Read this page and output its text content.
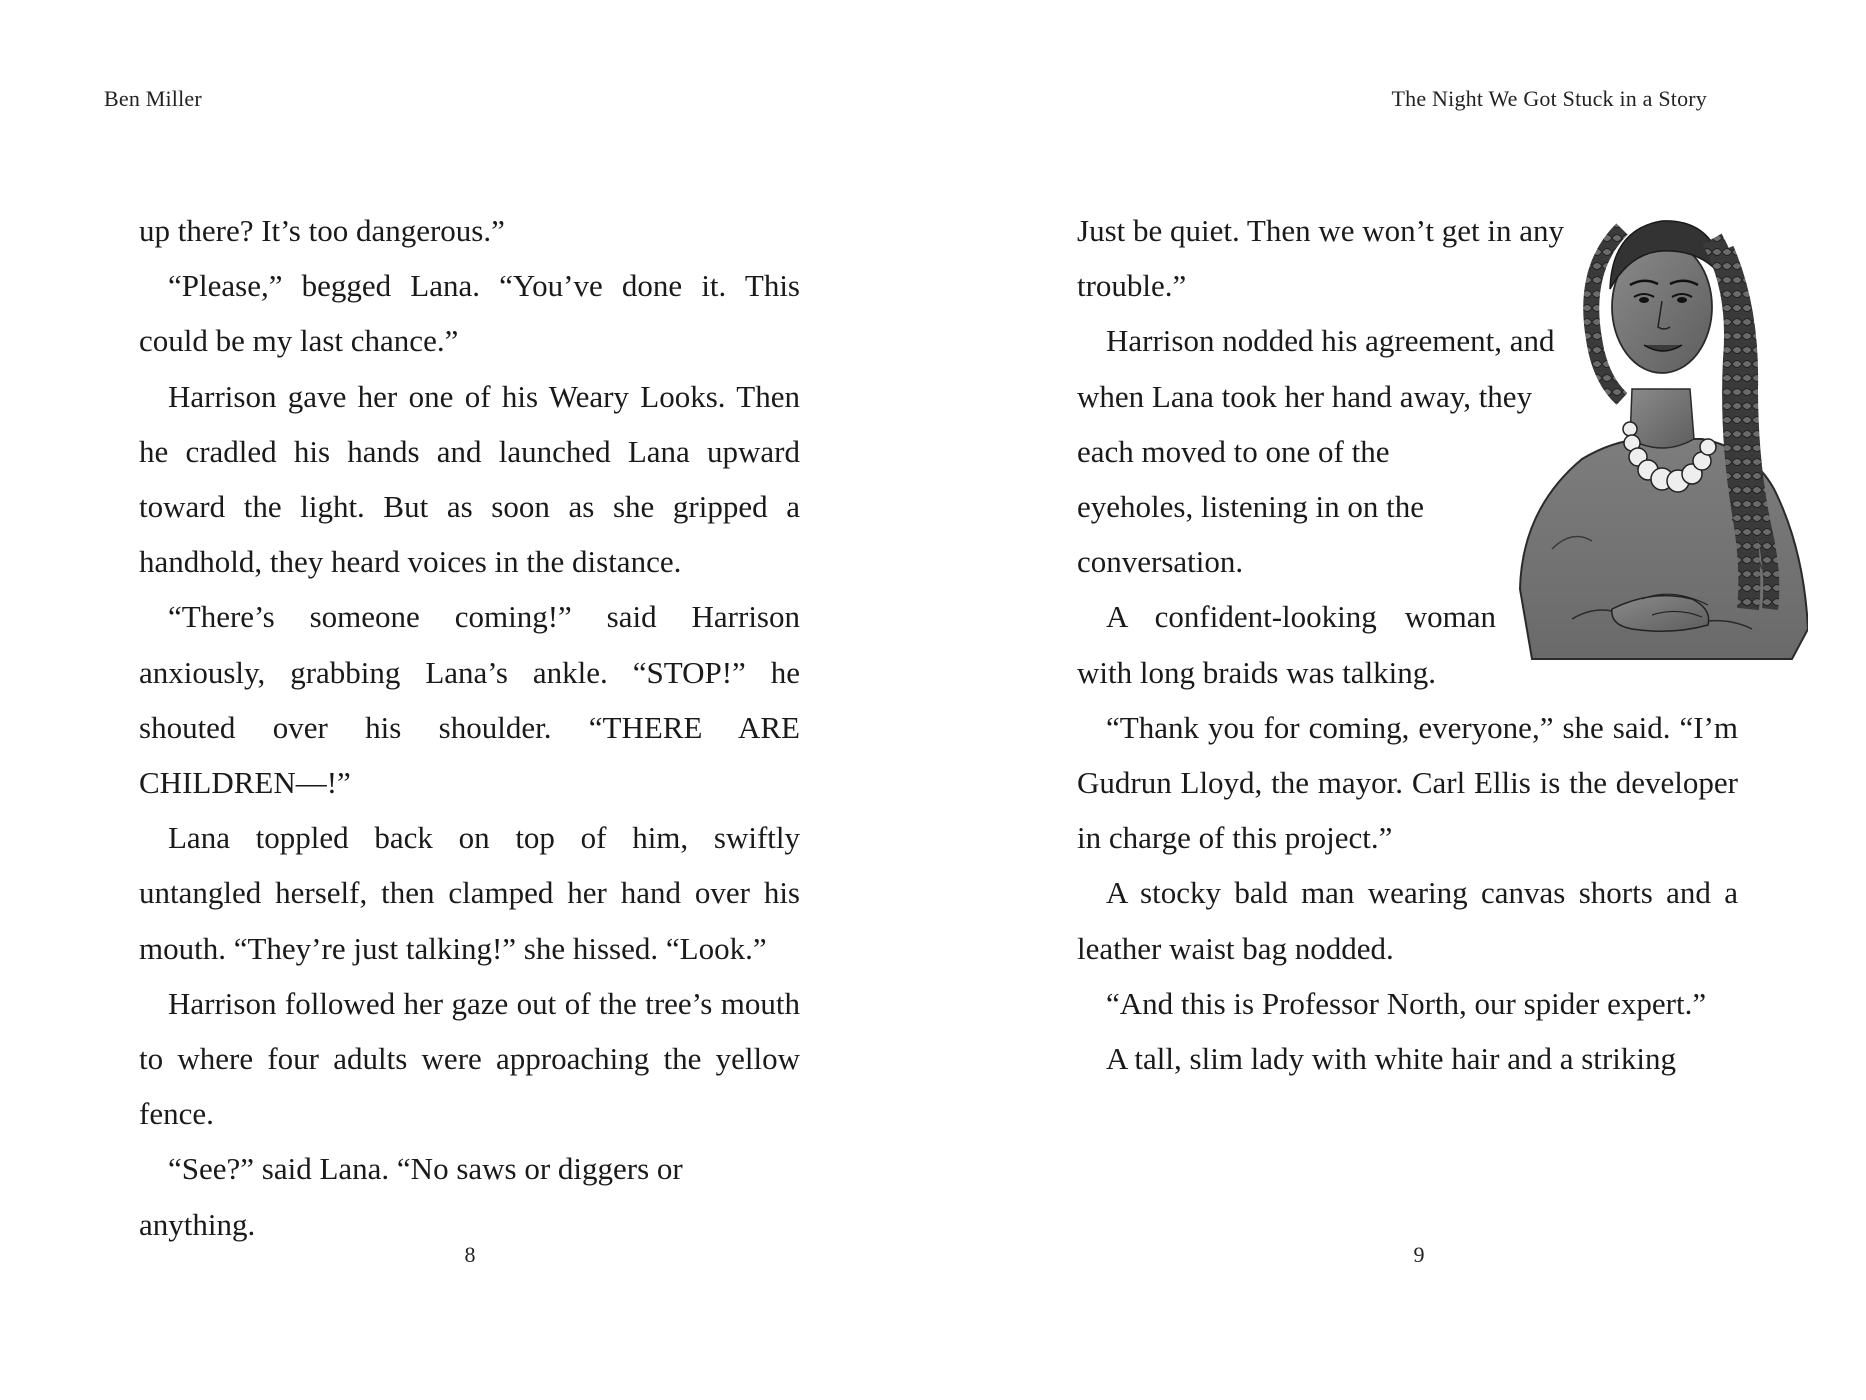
Ben Miller

up there? It’s too dangerous.”

“Please,” begged Lana. “You’ve done it. This could be my last chance.”

Harrison gave her one of his Weary Looks. Then he cradled his hands and launched Lana upward toward the light. But as soon as she gripped a handhold, they heard voices in the distance.

“There’s someone coming!” said Harrison anxiously, grabbing Lana’s ankle. “STOP!” he shouted over his shoulder. “THERE ARE CHILDREN—!”

Lana toppled back on top of him, swiftly untangled herself, then clamped her hand over his mouth. “They’re just talking!” she hissed. “Look.”

Harrison followed her gaze out of the tree’s mouth to where four adults were approaching the yellow fence.

“See?” said Lana. “No saws or diggers or anything.

8
The Night We Got Stuck in a Story

Just be quiet. Then we won’t get in any trouble.”

Harrison nodded his agreement, and when Lana took her hand away, they each moved to one of the eyeholes, listening in on the conversation.

A confident-looking woman with long braids was talking.

“Thank you for coming, everyone,” she said. “I’m Gudrun Lloyd, the mayor. Carl Ellis is the developer in charge of this project.”

A stocky bald man wearing canvas shorts and a leather waist bag nodded.

“And this is Professor North, our spider expert.”

A tall, slim lady with white hair and a striking

9
